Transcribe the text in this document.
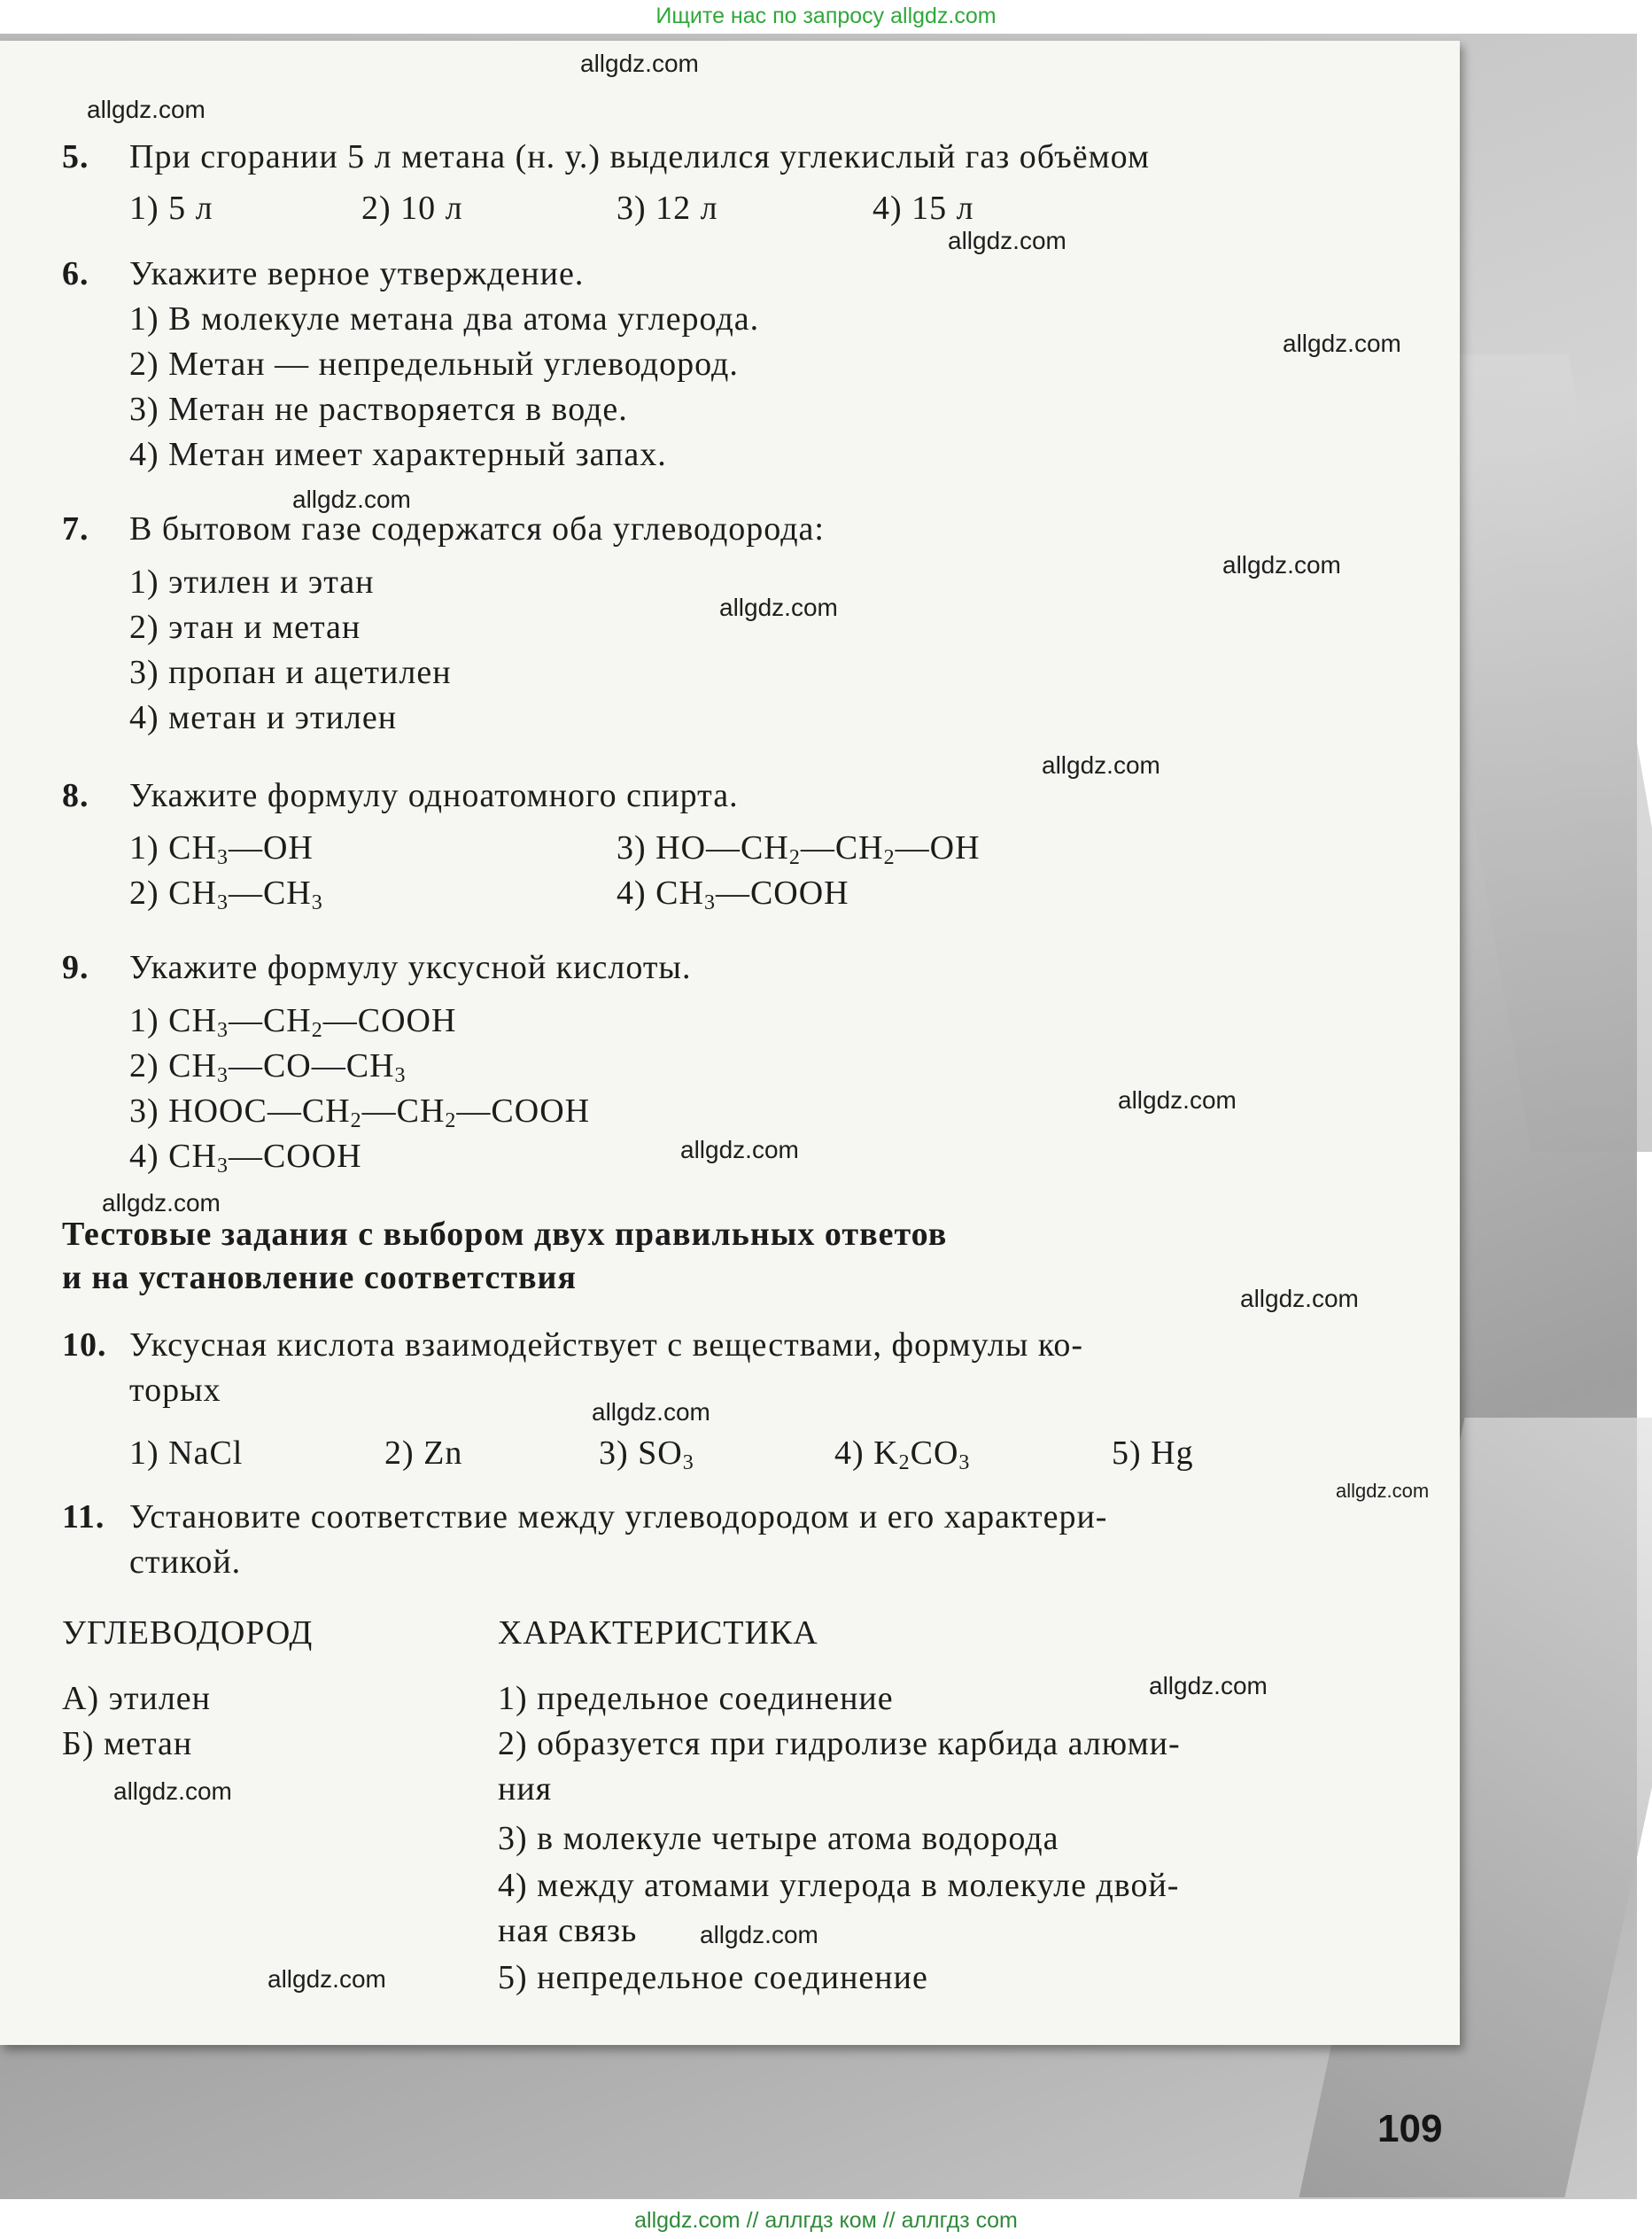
Ищите нас по запросу allgdz.com
5. При сгорании 5 л метана (н. у.) выделился углекислый газ объёмом
1) 5 л	2) 10 л	3) 12 л	4) 15 л
6. Укажите верное утверждение.
1) В молекуле метана два атома углерода.
2) Метан — непредельный углеводород.
3) Метан не растворяется в воде.
4) Метан имеет характерный запах.
7. В бытовом газе содержатся оба углеводорода:
1) этилен и этан
2) этан и метан
3) пропан и ацетилен
4) метан и этилен
8. Укажите формулу одноатомного спирта.
1) $CH_3—OH$
2) $CH_3—CH_3$
3) $HO—CH_2—CH_2—OH$
4) $CH_3—COOH$
9. Укажите формулу уксусной кислоты.
1) $CH_3—CH_2—COOH$
2) $CH_3—CO—CH_3$
3) $HOOC—CH_2—CH_2—COOH$
4) $CH_3—COOH$
Тестовые задания с выбором двух правильных ответов
и на установление соответствия
10. Уксусная кислота взаимодействует с веществами, формулы ко-
торых
1) NaCl	2) Zn	3) $SO_3$	4) $K_2CO_3$	5) Hg
11. Установите соответствие между углеводородом и его характери-
стикой.
УГЛЕВОДОРОД	ХАРАКТЕРИСТИКА
А) этилен
Б) метан
1) предельное соединение
2) образуется при гидролизе карбида алюми-
ния
3) в молекуле четыре атома водорода
4) между атомами углерода в молекуле двой-
ная связь
5) непредельное соединение
allgdz.com
allgdz.com
allgdz.com
allgdz.com
allgdz.com
allgdz.com
allgdz.com
allgdz.com
allgdz.com
allgdz.com
allgdz.com
allgdz.com
allgdz.com
allgdz.com
allgdz.com
allgdz.com
allgdz.com
allgdz.com
109
allgdz.com // аллгдз ком // аллгдз com
